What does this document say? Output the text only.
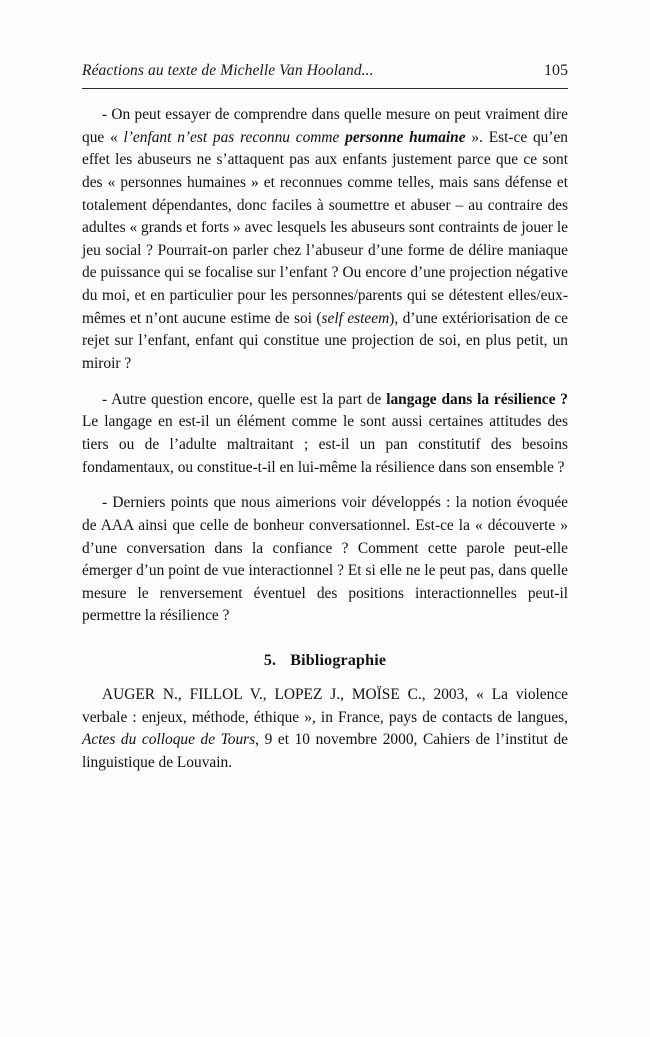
Réactions au texte de Michelle Van Hooland...	105

- On peut essayer de comprendre dans quelle mesure on peut vraiment dire que « l’enfant n’est pas reconnu comme personne humaine ». Est-ce qu’en effet les abuseurs ne s’attaquent pas aux enfants justement parce que ce sont des « personnes humaines » et reconnues comme telles, mais sans défense et totalement dépendantes, donc faciles à soumettre et abuser – au contraire des adultes « grands et forts » avec lesquels les abuseurs sont contraints de jouer le jeu social ? Pourrait-on parler chez l’abuseur d’une forme de délire maniaque de puissance qui se focalise sur l’enfant ? Ou encore d’une projection négative du moi, et en particulier pour les personnes/parents qui se détestent elles/eux-mêmes et n’ont aucune estime de soi (self esteem), d’une extériorisation de ce rejet sur l’enfant, enfant qui constitue une projection de soi, en plus petit, un miroir ?

- Autre question encore, quelle est la part de langage dans la résilience ? Le langage en est-il un élément comme le sont aussi certaines attitudes des tiers ou de l’adulte maltraitant ; est-il un pan constitutif des besoins fondamentaux, ou constitue-t-il en lui-même la résilience dans son ensemble ?

- Derniers points que nous aimerions voir développés : la notion évoquée de AAA ainsi que celle de bonheur conversationnel. Est-ce la « découverte » d’une conversation dans la confiance ? Comment cette parole peut-elle émerger d’un point de vue interactionnel ? Et si elle ne le peut pas, dans quelle mesure le renversement éventuel des positions interactionnelles peut-il permettre la résilience ?

5. Bibliographie

AUGER N., FILLOL V., LOPEZ J., MOÏSE C., 2003, « La violence verbale : enjeux, méthode, éthique », in France, pays de contacts de langues, Actes du colloque de Tours, 9 et 10 novembre 2000, Cahiers de l’institut de linguistique de Louvain.
